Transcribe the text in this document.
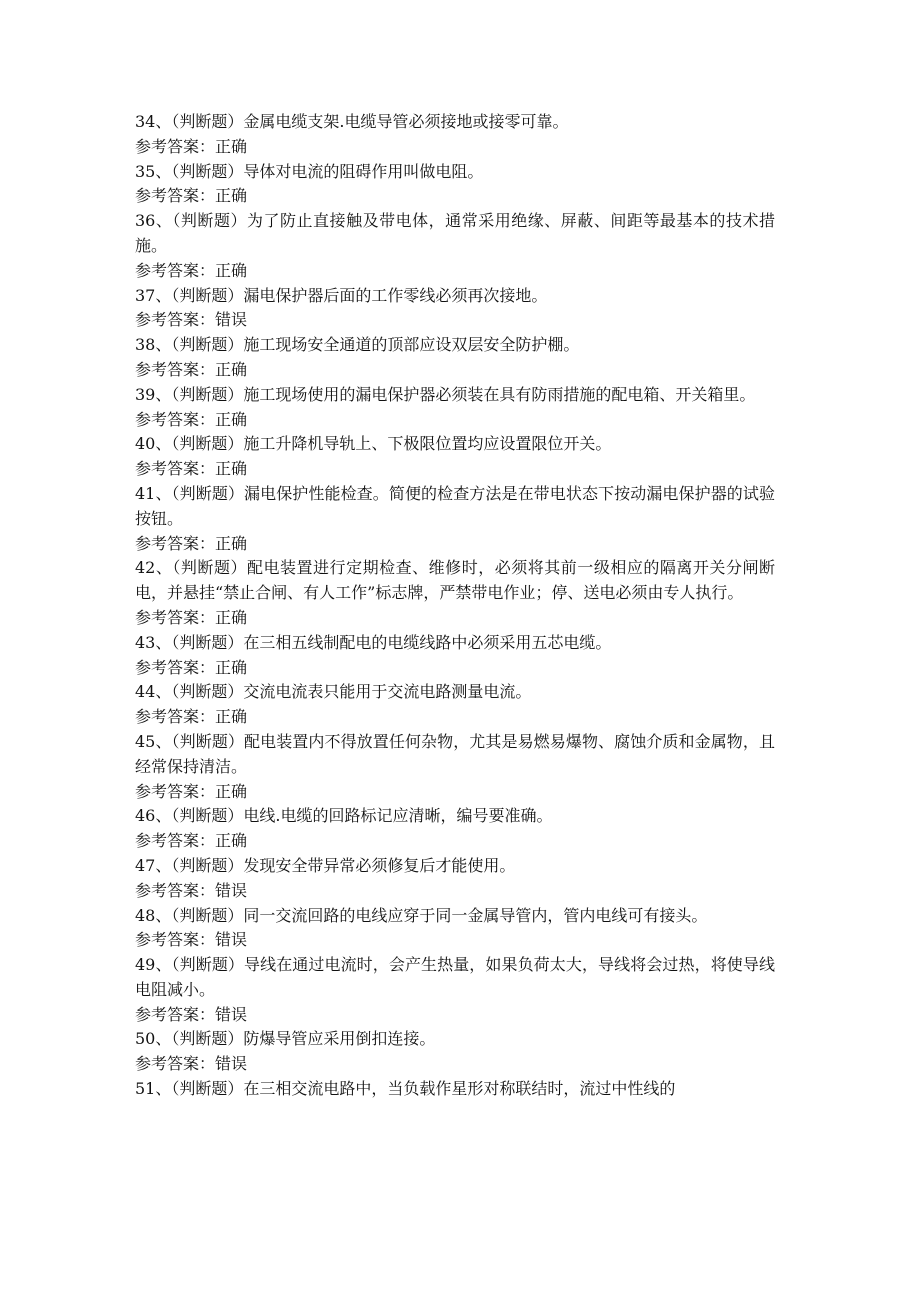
34、（判断题）金属电缆支架.电缆导管必须接地或接零可靠。

参考答案：正确

35、（判断题）导体对电流的阻碍作用叫做电阻。

参考答案：正确

36、（判断题）为了防止直接触及带电体，通常采用绝缘、屏蔽、间距等最基本的技术措施。

参考答案：正确

37、（判断题）漏电保护器后面的工作零线必须再次接地。

参考答案：错误

38、（判断题）施工现场安全通道的顶部应设双层安全防护棚。

参考答案：正确

39、（判断题）施工现场使用的漏电保护器必须装在具有防雨措施的配电箱、开关箱里。

参考答案：正确

40、（判断题）施工升降机导轨上、下极限位置均应设置限位开关。

参考答案：正确

41、（判断题）漏电保护性能检查。简便的检查方法是在带电状态下按动漏电保护器的试验按钮。

参考答案：正确

42、（判断题）配电装置进行定期检查、维修时，必须将其前一级相应的隔离开关分闸断电，并悬挂“禁止合闸、有人工作”标志牌，严禁带电作业；停、送电必须由专人执行。

参考答案：正确

43、（判断题）在三相五线制配电的电缆线路中必须采用五芯电缆。

参考答案：正确

44、（判断题）交流电流表只能用于交流电路测量电流。

参考答案：正确

45、（判断题）配电装置内不得放置任何杂物，尤其是易燃易爆物、腐蚀介质和金属物，且经常保持清洁。

参考答案：正确

46、（判断题）电线.电缆的回路标记应清晰，编号要准确。

参考答案：正确

47、（判断题）发现安全带异常必须修复后才能使用。

参考答案：错误

48、（判断题）同一交流回路的电线应穿于同一金属导管内，管内电线可有接头。

参考答案：错误

49、（判断题）导线在通过电流时，会产生热量，如果负荷太大，导线将会过热，将使导线电阻减小。

参考答案：错误

50、（判断题）防爆导管应采用倒扣连接。

参考答案：错误

51、（判断题）在三相交流电路中，当负载作星形对称联结时，流过中性线的
